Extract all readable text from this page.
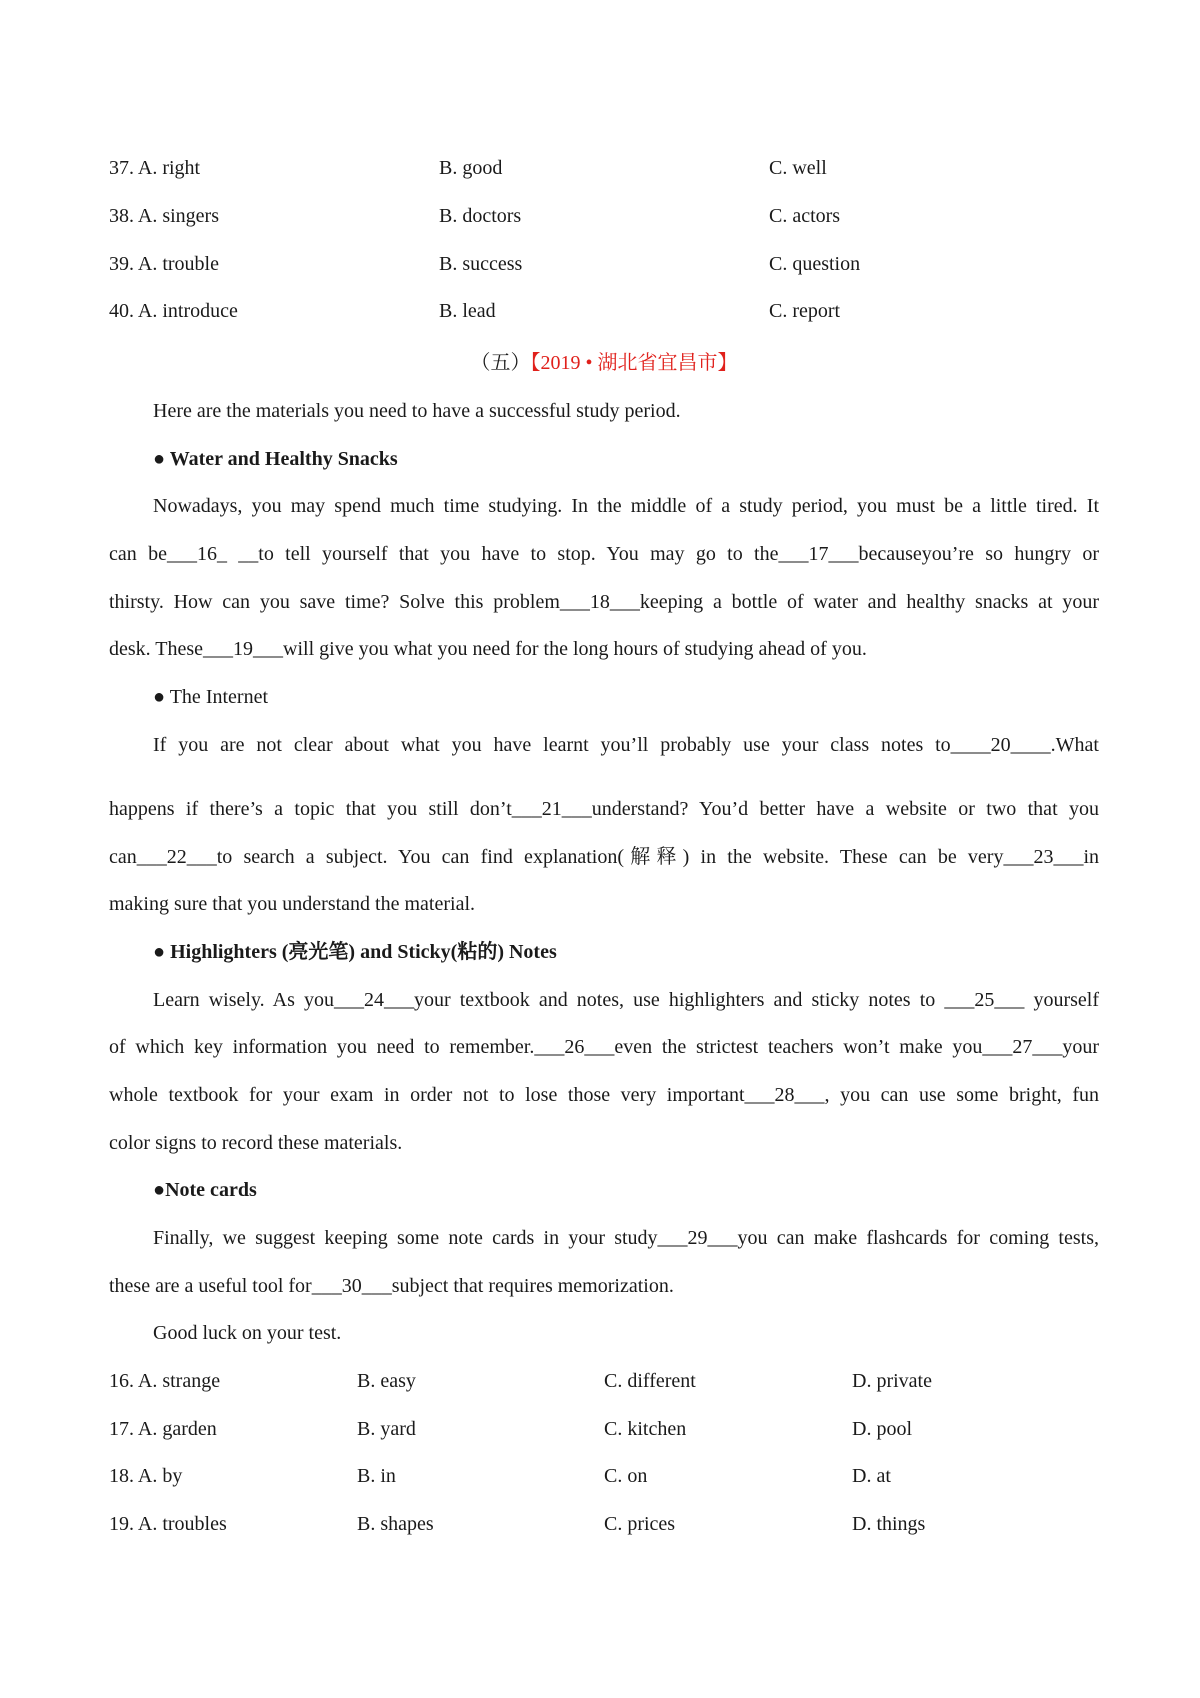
37. A. right	B. good	C. well
38. A. singers	B. doctors	C. actors
39. A. trouble	B. success	C. question
40. A. introduce	B. lead	C. report
（五）【2019 • 湖北省宜昌市】
Here are the materials you need to have a successful study period.
● Water and Healthy Snacks
Nowadays, you may spend much time studying. In the middle of a study period, you must be a little tired. It
can be___16_ __to tell yourself that you have to stop. You may go to the___17___becauseyou’re so hungry or
thirsty. How can you save time? Solve this problem___18___keeping a bottle of water and healthy snacks at your
desk. These___19___will give you what you need for the long hours of studying ahead of you.
● The Internet
If you are not clear about what you have learnt you’ll probably use your class notes to____20____.What
happens if there’s a topic that you still don’t___21___understand? You’d better have a website or two that you
can___22___to search a subject. You can find explanation(解释) in the website. These can be very___23___in
making sure that you understand the material.
● Highlighters (亮光笔) and Sticky(粘的) Notes
Learn wisely. As you___24___your textbook and notes, use highlighters and sticky notes to ___25___ yourself
of which key information you need to remember.___26___even the strictest teachers won’t make you___27___your
whole textbook for your exam in order not to lose those very important___28___, you can use some bright, fun
color signs to record these materials.
●Note cards
Finally, we suggest keeping some note cards in your study___29___you can make flashcards for coming tests,
these are a useful tool for___30___subject that requires memorization.
Good luck on your test.
16. A. strange	B. easy	C. different	D. private
17. A. garden	B. yard	C. kitchen	D. pool
18. A. by	B. in	C. on	D. at
19. A. troubles	B. shapes	C. prices	D. things
